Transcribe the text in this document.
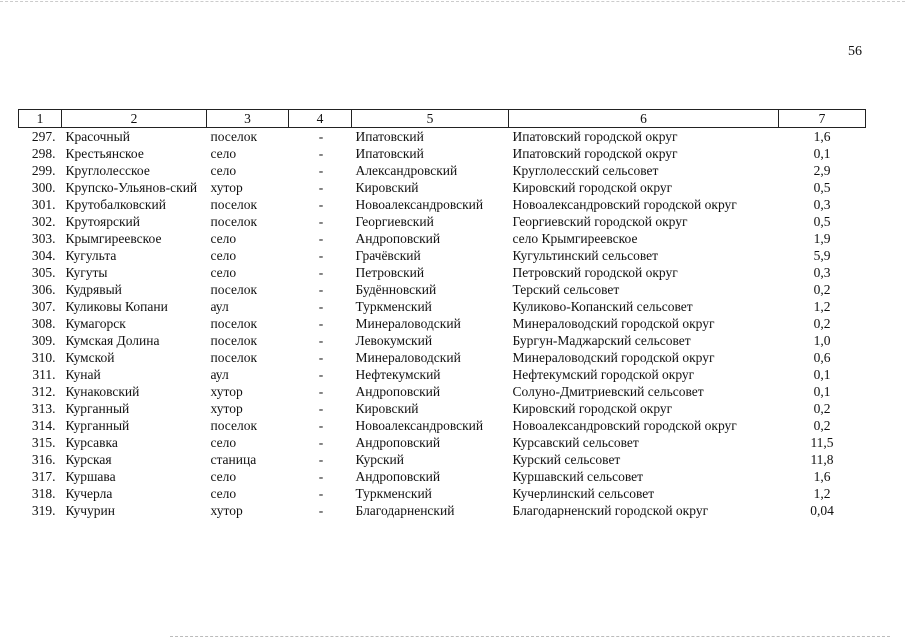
56
1	2	3	4	5	6	7
297.	Красочный	поселок	-	Ипатовский	Ипатовский городской округ	1,6
298.	Крестьянское	село	-	Ипатовский	Ипатовский городской округ	0,1
299.	Круглолесское	село	-	Александровский	Круглолесский сельсовет	2,9
300.	Крупско-Ульянов-ский	хутор	-	Кировский	Кировский городской округ	0,5
301.	Крутобалковский	поселок	-	Новоалександровский	Новоалександровский городской округ	0,3
302.	Крутоярский	поселок	-	Георгиевский	Георгиевский городской округ	0,5
303.	Крымгиреевское	село	-	Андроповский	село Крымгиреевское	1,9
304.	Кугульта	село	-	Грачёвский	Кугультинский сельсовет	5,9
305.	Кугуты	село	-	Петровский	Петровский городской округ	0,3
306.	Кудрявый	поселок	-	Будённовский	Терский сельсовет	0,2
307.	Куликовы Копани	аул	-	Туркменский	Куликово-Копанский сельсовет	1,2
308.	Кумагорск	поселок	-	Минераловодский	Минераловодский городской округ	0,2
309.	Кумская Долина	поселок	-	Левокумский	Бургун-Маджарский сельсовет	1,0
310.	Кумской	поселок	-	Минераловодский	Минераловодский городской округ	0,6
311.	Кунай	аул	-	Нефтекумский	Нефтекумский городской округ	0,1
312.	Кунаковский	хутор	-	Андроповский	Солуно-Дмитриевский сельсовет	0,1
313.	Курганный	хутор	-	Кировский	Кировский городской округ	0,2
314.	Курганный	поселок	-	Новоалександровский	Новоалександровский городской округ	0,2
315.	Курсавка	село	-	Андроповский	Курсавский сельсовет	11,5
316.	Курская	станица	-	Курский	Курский сельсовет	11,8
317.	Куршава	село	-	Андроповский	Куршавский сельсовет	1,6
318.	Кучерла	село	-	Туркменский	Кучерлинский сельсовет	1,2
319.	Кучурин	хутор	-	Благодарненский	Благодарненский городской округ	0,04
